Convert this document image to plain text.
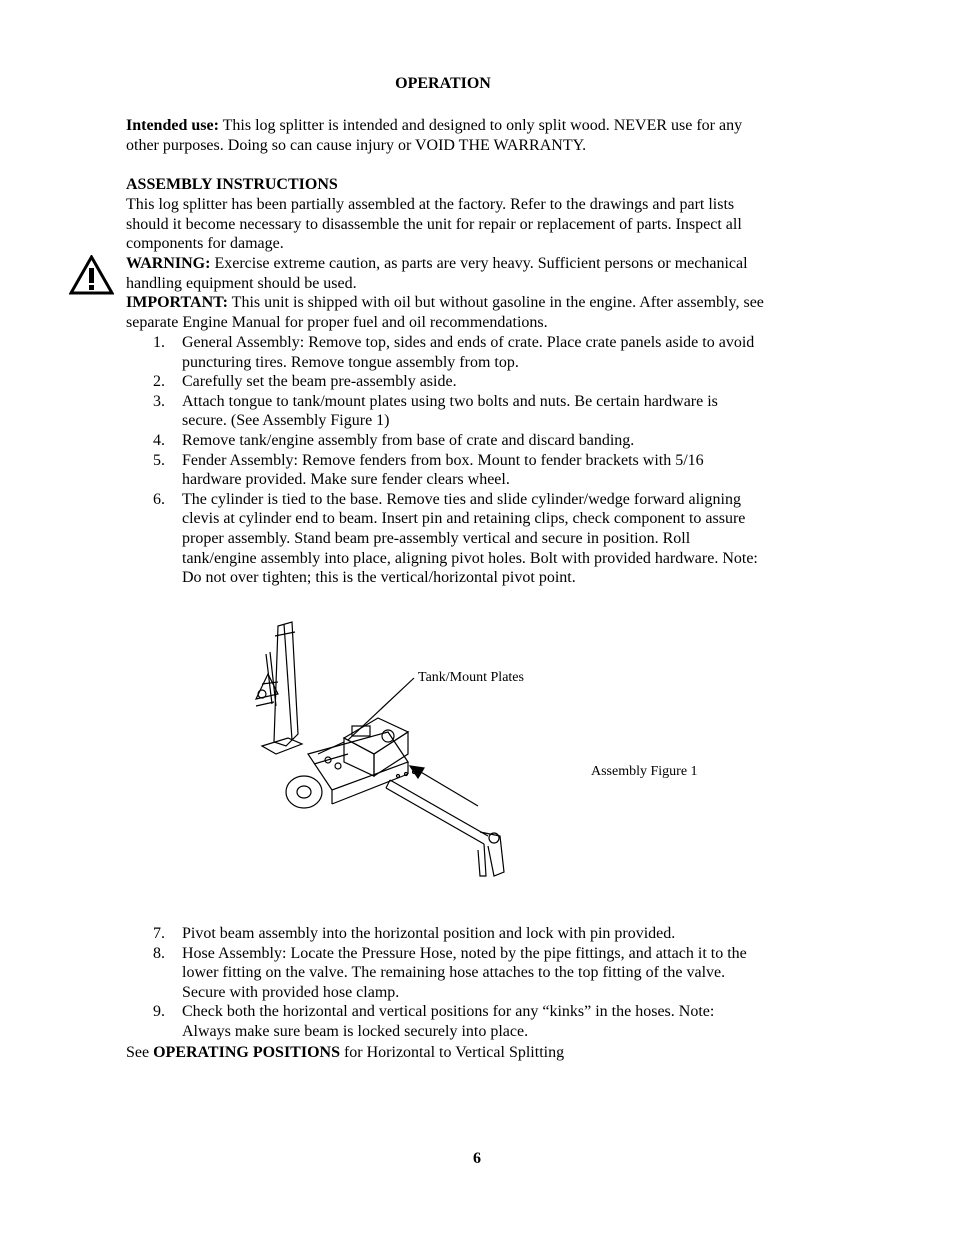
OPERATION
Intended use: This log splitter is intended and designed to only split wood. NEVER use for any other purposes. Doing so can cause injury or VOID THE WARRANTY.
ASSEMBLY INSTRUCTIONS
This log splitter has been partially assembled at the factory. Refer to the drawings and part lists should it become necessary to disassemble the unit for repair or replacement of parts. Inspect all components for damage.
WARNING: Exercise extreme caution, as parts are very heavy. Sufficient persons or mechanical handling equipment should be used.
IMPORTANT: This unit is shipped with oil but without gasoline in the engine. After assembly, see separate Engine Manual for proper fuel and oil recommendations.
1.	General Assembly: Remove top, sides and ends of crate. Place crate panels aside to avoid puncturing tires. Remove tongue assembly from top.
2.	Carefully set the beam pre-assembly aside.
3.	Attach tongue to tank/mount plates using two bolts and nuts. Be certain hardware is secure. (See Assembly Figure 1)
4.	Remove tank/engine assembly from base of crate and discard banding.
5.	Fender Assembly: Remove fenders from box. Mount to fender brackets with 5/16 hardware provided. Make sure fender clears wheel.
6.	The cylinder is tied to the base. Remove ties and slide cylinder/wedge forward aligning clevis at cylinder end to beam. Insert pin and retaining clips, check component to assure proper assembly. Stand beam pre-assembly vertical and secure in position. Roll tank/engine assembly into place, aligning pivot holes. Bolt with provided hardware. Note: Do not over tighten; this is the vertical/horizontal pivot point.
Tank/Mount Plates
Assembly Figure 1
7.	Pivot beam assembly into the horizontal position and lock with pin provided.
8.	Hose Assembly: Locate the Pressure Hose, noted by the pipe fittings, and attach it to the lower fitting on the valve. The remaining hose attaches to the top fitting of the valve. Secure with provided hose clamp.
9.	Check both the horizontal and vertical positions for any “kinks” in the hoses. Note: Always make sure beam is locked securely into place.
See OPERATING POSITIONS for Horizontal to Vertical Splitting
6
